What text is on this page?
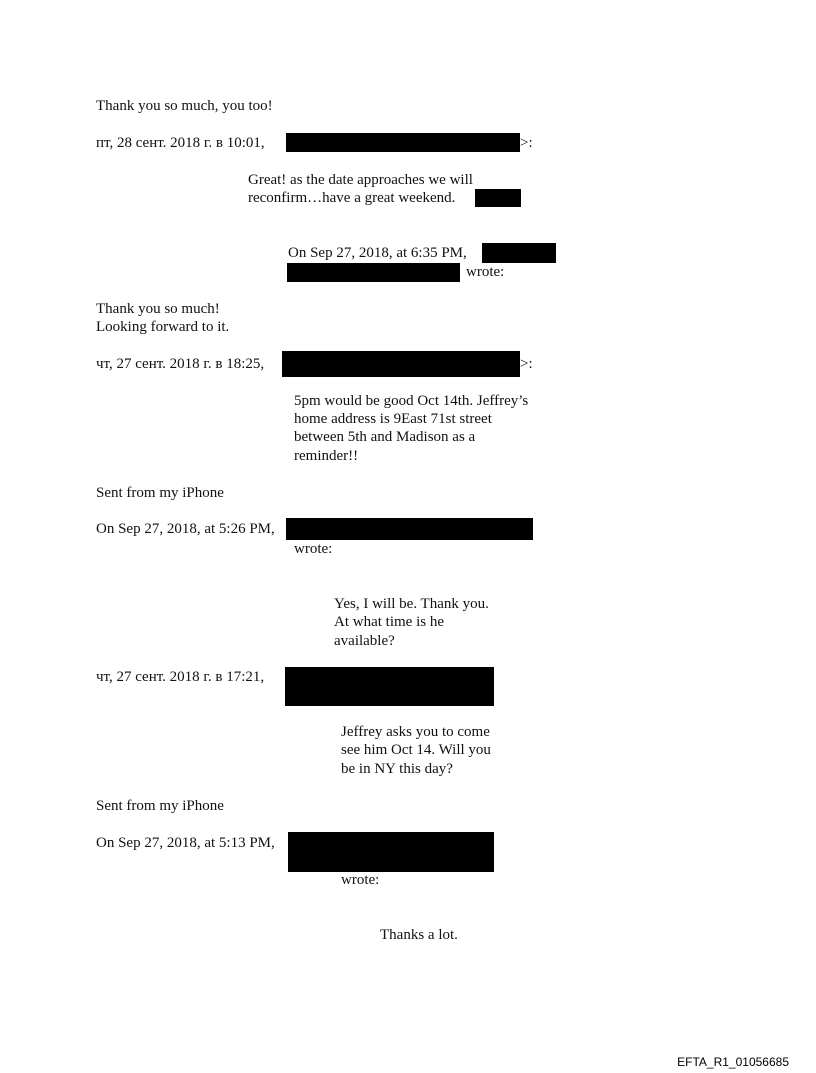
Thank you so much, you too!
пт, 28 сент. 2018 г. в 10:01,	>:
Great! as the date approaches we will
reconfirm…have a great weekend.
On Sep 27, 2018, at 6:35 PM,
wrote:
Thank you so much!
Looking forward to it.
чт, 27 сент. 2018 г. в 18:25,	>:
5pm would be good Oct 14th. Jeffrey’s
home address is 9East 71st street
between 5th and Madison as a
reminder!!
Sent from my iPhone
On Sep 27, 2018, at 5:26 PM,
wrote:
Yes, I will be. Thank you.
At what time is he
available?
чт, 27 сент. 2018 г. в 17:21,
Jeffrey asks you to come
see him Oct 14. Will you
be in NY this day?
Sent from my iPhone
On Sep 27, 2018, at 5:13 PM,
wrote:
Thanks a lot.
EFTA_R1_01056685
